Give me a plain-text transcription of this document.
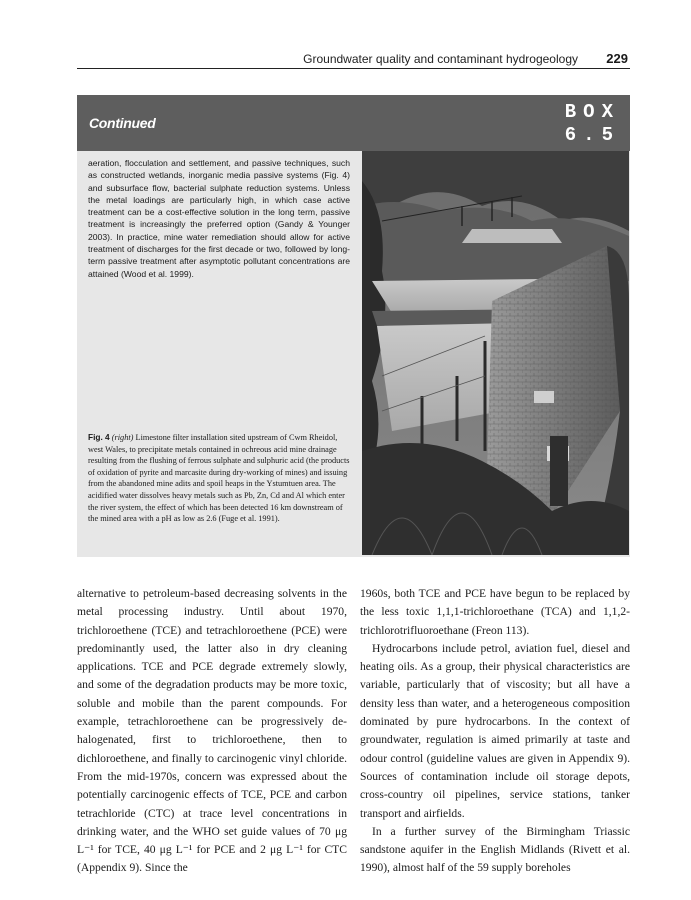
Groundwater quality and contaminant hydrogeology 229
Continued	BOX
6.5
aeration, flocculation and settlement, and passive techniques, such as constructed wetlands, inorganic media passive systems (Fig. 4) and subsurface flow, bacterial sulphate reduction systems. Unless the metal loadings are particularly high, in which case active treatment can be a cost-effective solution in the long term, passive treatment is increasingly the preferred option (Gandy & Younger 2003). In practice, mine water remediation should allow for active treatment of discharges for the first decade or two, followed by long-term passive treatment after asymptotic pollutant concentrations are attained (Wood et al. 1999).
Fig. 4 (right) Limestone filter installation sited upstream of Cwm Rheidol, west Wales, to precipitate metals contained in ochreous acid mine drainage resulting from the flushing of ferrous sulphate and sulphuric acid (the products of oxidation of pyrite and marcasite during dry-working of mines) and issuing from the abandoned mine adits and spoil heaps in the Ystumtuen area. The acidified water dissolves heavy metals such as Pb, Zn, Cd and Al which enter the river system, the effect of which has been detected 16 km downstream of the mined area with a pH as low as 2.6 (Fuge et al. 1991).

alternative to petroleum-based decreasing solvents in the metal processing industry. Until about 1970, trichloroethene (TCE) and tetrachloroethene (PCE) were predominantly used, the latter also in dry cleaning applications. TCE and PCE degrade extremely slowly, and some of the degradation products may be more toxic, soluble and mobile than the parent compounds. For example, tetrachloroethene can be progressively de-halogenated, first to trichloroethene, then to dichloroethene, and finally to carcinogenic vinyl chloride. From the mid-1970s, concern was expressed about the potentially carcinogenic effects of TCE, PCE and carbon tetrachloride (CTC) at trace level concentrations in drinking water, and the WHO set guide values of 70 μg L⁻¹ for TCE, 40 μg L⁻¹ for PCE and 2 μg L⁻¹ for CTC (Appendix 9). Since the

1960s, both TCE and PCE have begun to be replaced by the less toxic 1,1,1-trichloroethane (TCA) and 1,1,2-trichlorotrifluoroethane (Freon 113).

Hydrocarbons include petrol, aviation fuel, diesel and heating oils. As a group, their physical characteristics are variable, particularly that of viscosity; but all have a density less than water, and a heterogeneous composition dominated by pure hydrocarbons. In the context of groundwater, regulation is aimed primarily at taste and odour control (guideline values are given in Appendix 9). Sources of contamination include oil storage depots, cross-country oil pipelines, service stations, tanker transport and airfields.

In a further survey of the Birmingham Triassic sandstone aquifer in the English Midlands (Rivett et al. 1990), almost half of the 59 supply boreholes
